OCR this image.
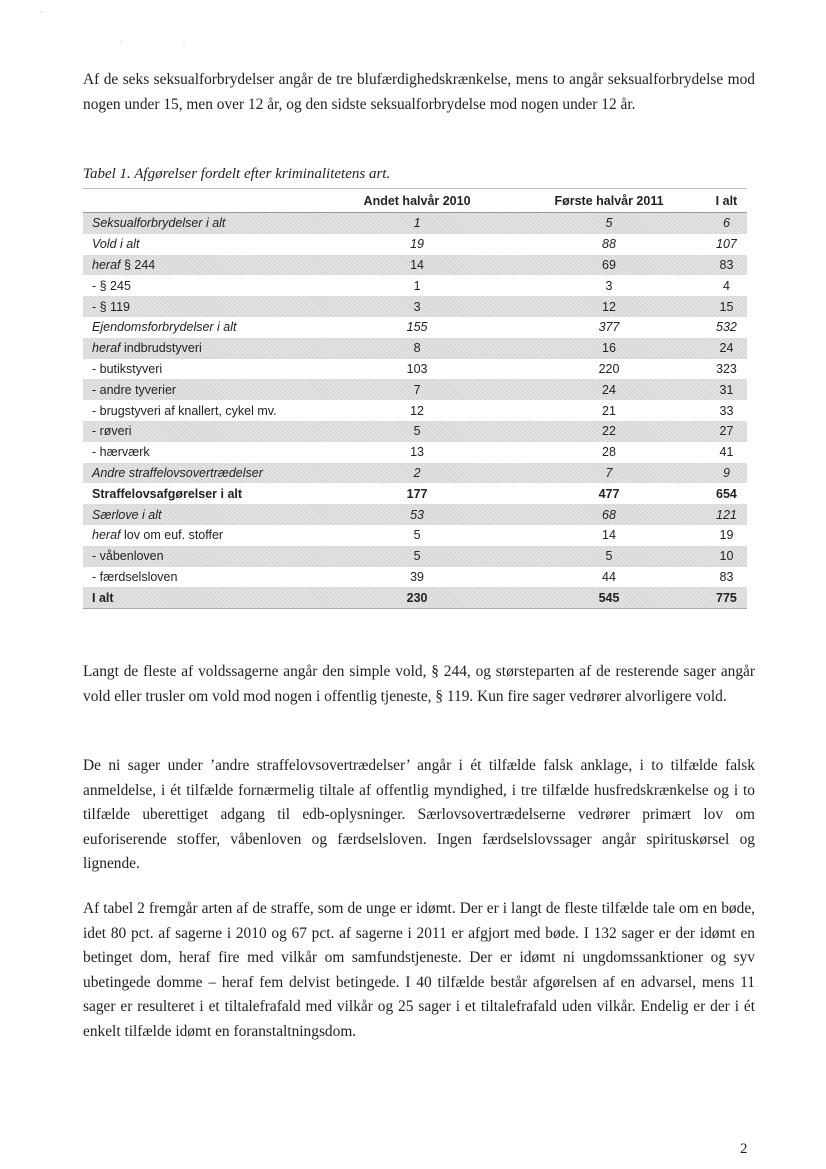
·
·	.

Af de seks seksualforbrydelser angår de tre blufærdighedskrænkelse, mens to angår seksualforbrydelse mod nogen under 15, men over 12 år, og den sidste seksualforbrydelse mod nogen under 12 år.

Tabel 1. Afgørelser fordelt efter kriminalitetens art.

	Andet halvår 2010	Første halvår 2011	I alt
Seksualforbrydelser i alt	1	5	6
Vold i alt	19	88	107
heraf § 244	14	69	83
- § 245	1	3	4
- § 119	3	12	15
Ejendomsforbrydelser i alt	155	377	532
heraf indbrudstyveri	8	16	24
- butikstyveri	103	220	323
- andre tyverier	7	24	31
- brugstyveri af knallert, cykel mv.	12	21	33
- røveri	5	22	27
- hærværk	13	28	41
Andre straffelovsovertrædelser	2	7	9
Straffelovsafgørelser i alt	177	477	654
Særlove i alt	53	68	121
heraf lov om euf. stoffer	5	14	19
- våbenloven	5	5	10
- færdselsloven	39	44	83
I alt	230	545	775

Langt de fleste af voldssagerne angår den simple vold, § 244, og størsteparten af de resterende sager angår vold eller trusler om vold mod nogen i offentlig tjeneste, § 119. Kun fire sager vedrører alvorligere vold.

De ni sager under ’andre straffelovsovertrædelser’ angår i ét tilfælde falsk anklage, i to tilfælde falsk anmeldelse, i ét tilfælde fornærmelig tiltale af offentlig myndighed, i tre tilfælde husfredskrænkelse og i to tilfælde uberettiget adgang til edb-oplysninger. Særlovsovertrædelserne vedrører primært lov om euforiserende stoffer, våbenloven og færdselsloven. Ingen færdselslovssager angår spirituskørsel og lignende.

Af tabel 2 fremgår arten af de straffe, som de unge er idømt. Der er i langt de fleste tilfælde tale om en bøde, idet 80 pct. af sagerne i 2010 og 67 pct. af sagerne i 2011 er afgjort med bøde. I 132 sager er der idømt en betinget dom, heraf fire med vilkår om samfundstjeneste. Der er idømt ni ungdomssanktioner og syv ubetingede domme – heraf fem delvist betingede. I 40 tilfælde består afgørelsen af en advarsel, mens 11 sager er resulteret i et tiltalefrafald med vilkår og 25 sager i et tiltalefrafald uden vilkår. Endelig er der i ét enkelt tilfælde idømt en foranstaltningsdom.

2
